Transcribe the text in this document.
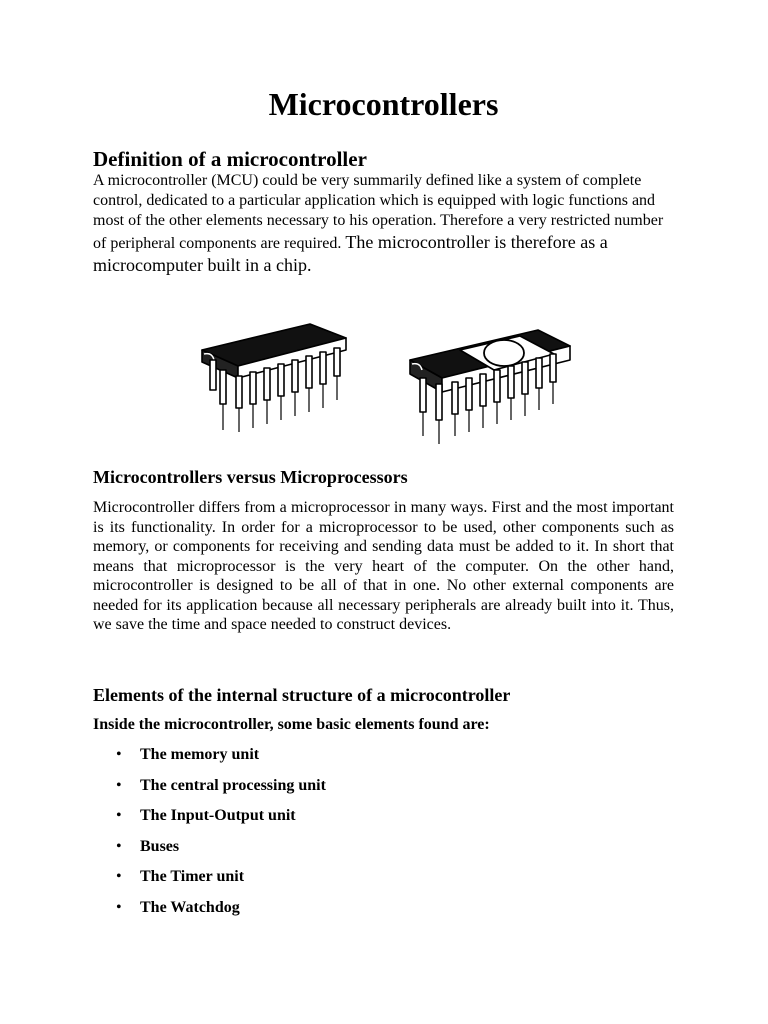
Microcontrollers
Definition of a microcontroller

A microcontroller (MCU) could be very summarily defined like a system of complete control, dedicated to a particular application which is equipped with logic functions and most of the other elements necessary to his operation. Therefore a very restricted number of peripheral components are required. The microcontroller is therefore as a microcomputer built in a chip.

Microcontrollers versus Microprocessors

Microcontroller differs from a microprocessor in many ways. First and the most important is its functionality. In order for a microprocessor to be used, other components such as memory, or components for receiving and sending data must be added to it. In short that means that microprocessor is the very heart of the computer. On the other hand, microcontroller is designed to be all of that in one. No other external components are needed for its application because all necessary peripherals are already built into it. Thus, we save the time and space needed to construct devices.

Elements of the internal structure of a microcontroller

Inside the microcontroller, some basic elements found are:

• The memory unit
• The central processing unit
• The Input-Output unit
• Buses
• The Timer unit
• The Watchdog
